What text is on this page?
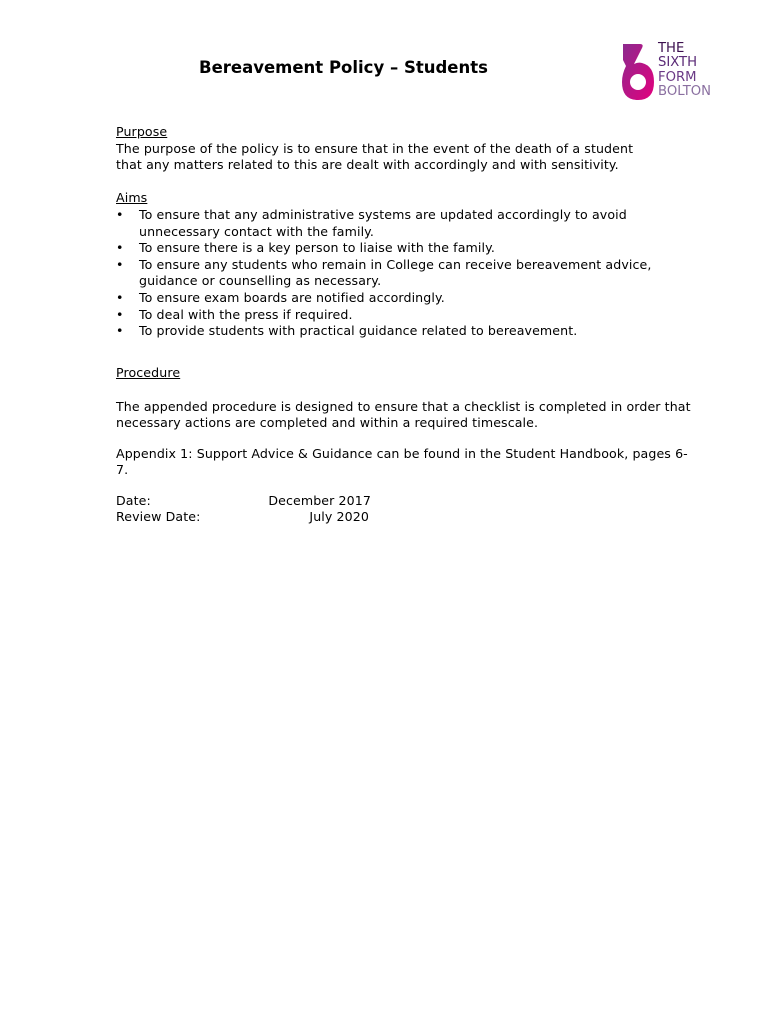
Bereavement Policy – Students
THE
SIXTH
FORM
BOLTON

Purpose

The purpose of the policy is to ensure that in the event of the death of a student

that any matters related to this are dealt with accordingly and with sensitivity.

Aims

• To ensure that any administrative systems are updated accordingly to avoid unnecessary contact with the family.
• To ensure there is a key person to liaise with the family.
• To ensure any students who remain in College can receive bereavement advice, guidance or counselling as necessary.
• To ensure exam boards are notified accordingly.
• To deal with the press if required.
• To provide students with practical guidance related to bereavement.

Procedure

The appended procedure is designed to ensure that a checklist is completed in order that necessary actions are completed and within a required timescale.

Appendix 1: Support Advice & Guidance can be found in the Student Handbook, pages 6-7.

Date:	December 2017
Review Date:	July 2020
